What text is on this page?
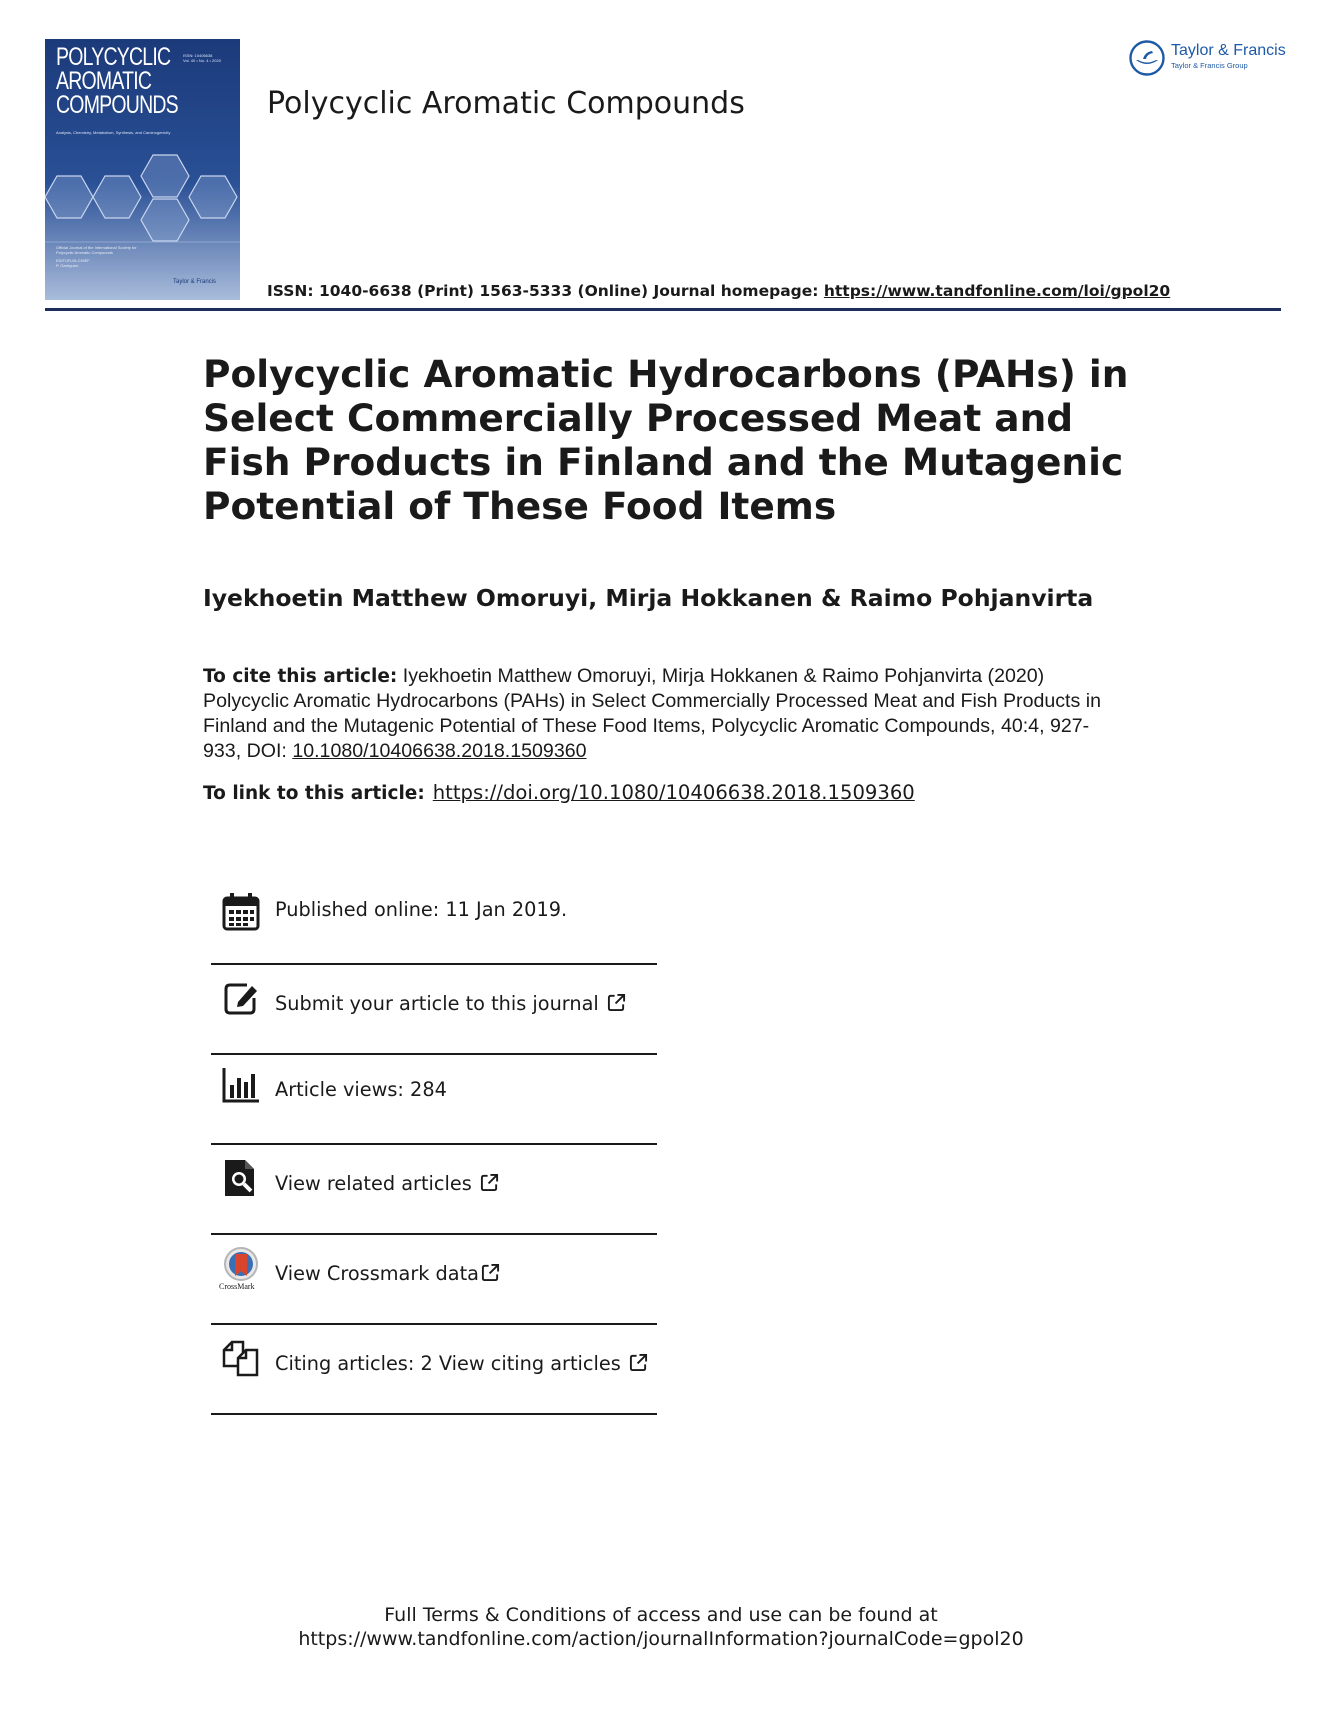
POLYCYCLIC
AROMATIC
COMPOUNDS
ISSN: 10406638
Vol. 40 • No. 4 • 2020
Analysis, Chemistry, Metabolism, Synthesis, and Carcinogenicity
Official Journal of the International Society for Polycyclic Aromatic Compounds
EDITOR-IN-CHIEF
P. Garrigues
Taylor & Francis
Polycyclic Aromatic Compounds
ISSN: 1040-6638 (Print) 1563-5333 (Online) Journal homepage: https://www.tandfonline.com/loi/gpol20
Taylor & Francis
Taylor & Francis Group
Polycyclic Aromatic Hydrocarbons (PAHs) in Select Commercially Processed Meat and Fish Products in Finland and the Mutagenic Potential of These Food Items
Iyekhoetin Matthew Omoruyi, Mirja Hokkanen & Raimo Pohjanvirta
To cite this article: Iyekhoetin Matthew Omoruyi, Mirja Hokkanen & Raimo Pohjanvirta (2020) Polycyclic Aromatic Hydrocarbons (PAHs) in Select Commercially Processed Meat and Fish Products in Finland and the Mutagenic Potential of These Food Items, Polycyclic Aromatic Compounds, 40:4, 927-933, DOI: 10.1080/10406638.2018.1509360
To link to this article: https://doi.org/10.1080/10406638.2018.1509360
Published online: 11 Jan 2019.
Submit your article to this journal
Article views: 284
View related articles
CrossMark
View Crossmark data
Citing articles: 2 View citing articles
Full Terms & Conditions of access and use can be found at
https://www.tandfonline.com/action/journalInformation?journalCode=gpol20
